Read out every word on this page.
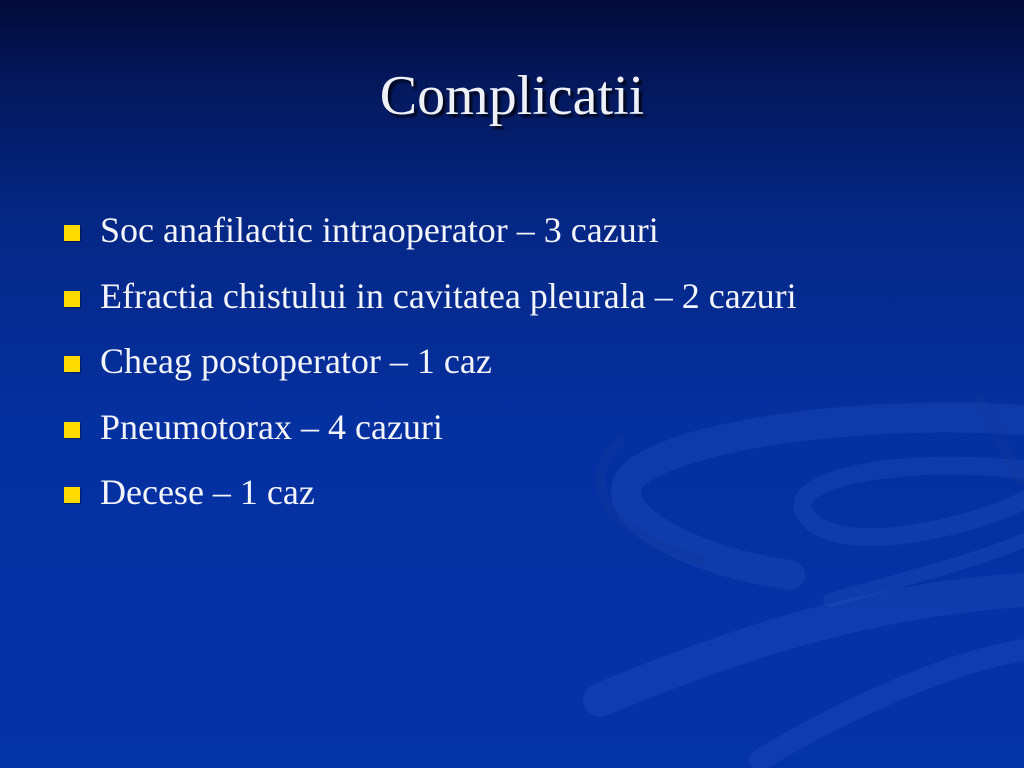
Complicatii
Soc anafilactic intraoperator – 3 cazuri
Efractia chistului in cavitatea pleurala – 2 cazuri
Cheag postoperator – 1 caz
Pneumotorax – 4 cazuri
Decese – 1 caz
